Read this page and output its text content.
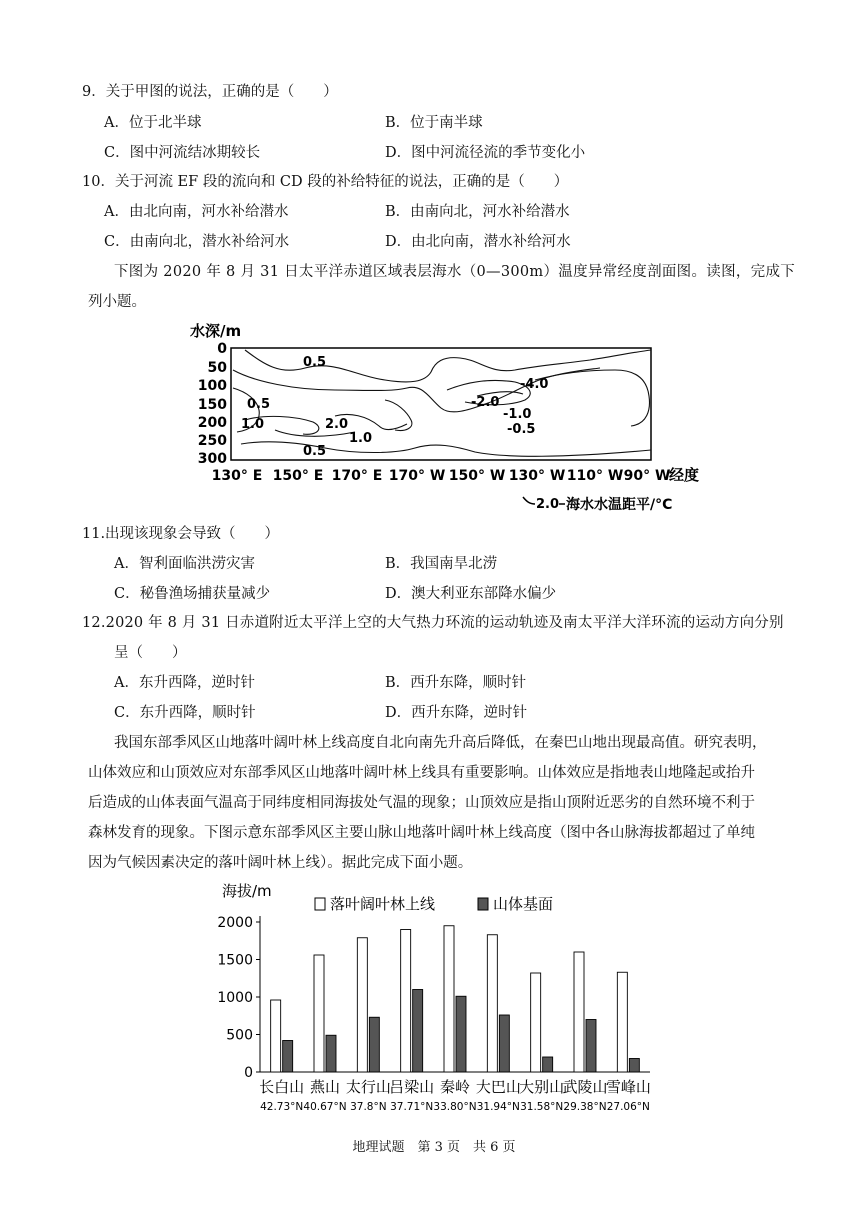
9．关于甲图的说法，正确的是（　　）
A．位于北半球	B．位于南半球
C．图中河流结冰期较长	D．图中河流径流的季节变化小
10．关于河流 EF 段的流向和 CD 段的补给特征的说法，正确的是（　　）
A．由北向南，河水补给潜水	B．由南向北，河水补给潜水
C．由南向北，潜水补给河水	D．由北向南，潜水补给河水
下图为 2020 年 8 月 31 日太平洋赤道区域表层海水（0—300m）温度异常经度剖面图。读图，完成下
列小题。
水深/m
0
50
100
150
200
250
300
0.5
-4.0
0.5	-2.0
-1.0
-0.5
1.0	2.0
1.0
0.5
130° E 150° E 170° E 170° W 150° W 130° W 110° W 90° W
经度
2.0 海水水温距平/°C
11.出现该现象会导致（　　）
A．智利面临洪涝灾害	B．我国南旱北涝
C．秘鲁渔场捕获量减少	D．澳大利亚东部降水偏少
12.2020 年 8 月 31 日赤道附近太平洋上空的大气热力环流的运动轨迹及南太平洋大洋环流的运动方向分别
呈（　　）
A．东升西降，逆时针	B．西升东降，顺时针
C．东升西降，顺时针	D．西升东降，逆时针
我国东部季风区山地落叶阔叶林上线高度自北向南先升高后降低，在秦巴山地出现最高值。研究表明，
山体效应和山顶效应对东部季风区山地落叶阔叶林上线具有重要影响。山体效应是指地表山地隆起或抬升
后造成的山体表面气温高于同纬度相同海拔处气温的现象；山顶效应是指山顶附近恶劣的自然环境不利于
森林发育的现象。下图示意东部季风区主要山脉山地落叶阔叶林上线高度（图中各山脉海拔都超过了单纯
因为气候因素决定的落叶阔叶林上线）。据此完成下面小题。
海拔/m
落叶阔叶林上线	山体基面
0
500
1000
1500
2000
长白山
42.73°N
燕山
40.67°N
太行山
37.8°N
吕梁山
37.71°N
秦岭
33.80°N
大巴山
31.94°N
大别山
31.58°N
武陵山
29.38°N
雪峰山
27.06°N
地理试题　第 3 页　共 6 页
